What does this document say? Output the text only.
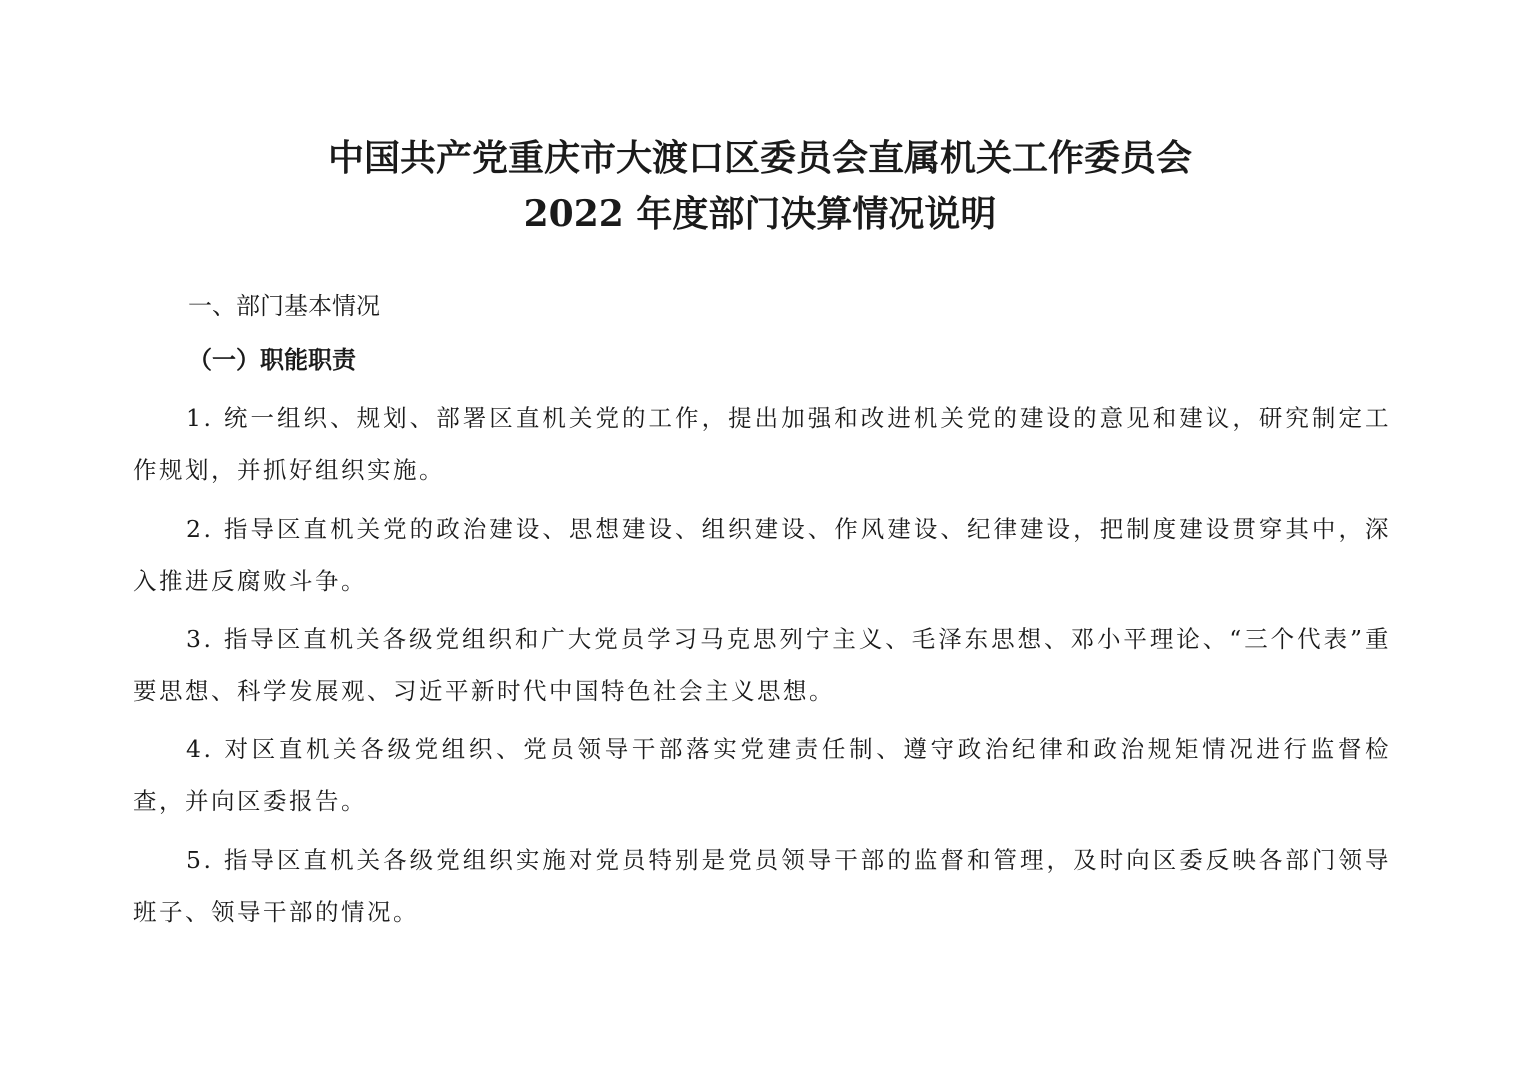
中国共产党重庆市大渡口区委员会直属机关工作委员会
2022 年度部门决算情况说明
一、部门基本情况
（一）职能职责

1. 统一组织、规划、部署区直机关党的工作，提出加强和改进机关党的建设的意见和建议，研究制定工作规划，并抓好组织实施。

2. 指导区直机关党的政治建设、思想建设、组织建设、作风建设、纪律建设，把制度建设贯穿其中，深入推进反腐败斗争。

3. 指导区直机关各级党组织和广大党员学习马克思列宁主义、毛泽东思想、邓小平理论、“三个代表”重要思想、科学发展观、习近平新时代中国特色社会主义思想。

4. 对区直机关各级党组织、党员领导干部落实党建责任制、遵守政治纪律和政治规矩情况进行监督检查，并向区委报告。

5. 指导区直机关各级党组织实施对党员特别是党员领导干部的监督和管理，及时向区委反映各部门领导班子、领导干部的情况。
